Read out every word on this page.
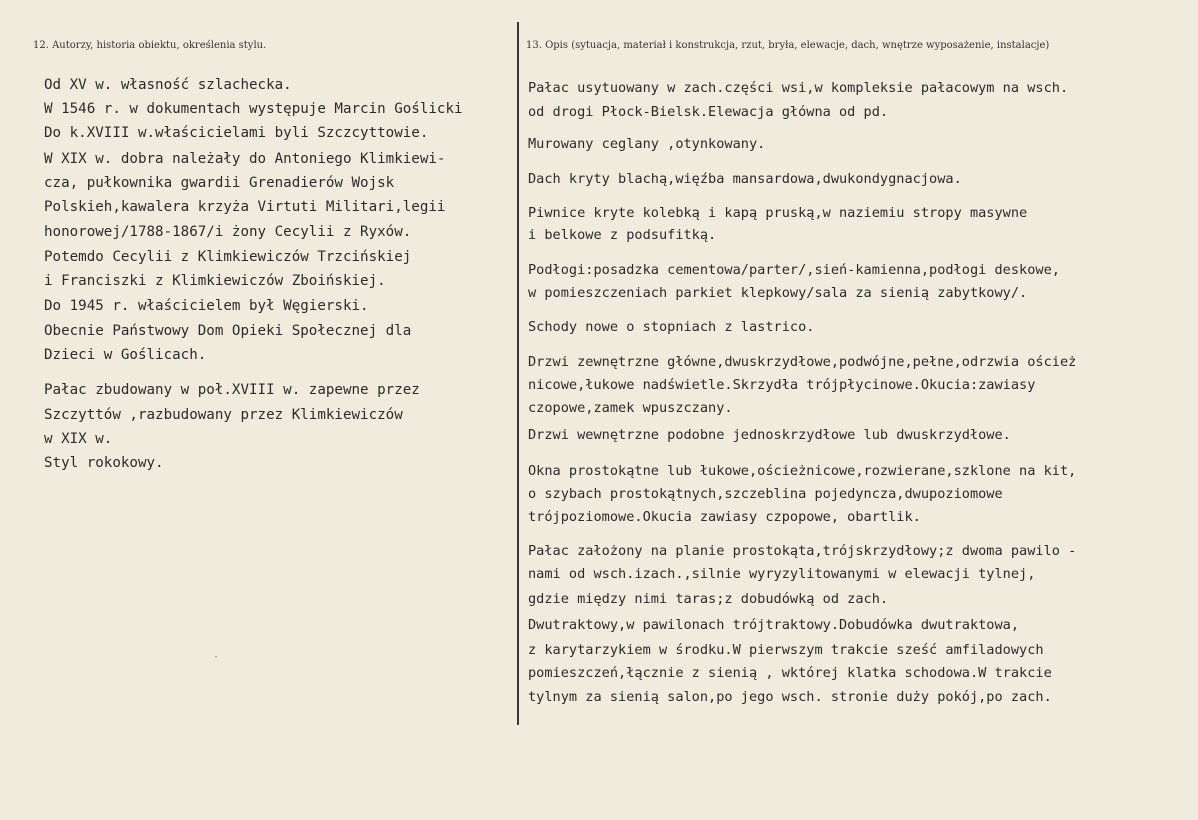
12. Autorzy, historia obiektu, określenia stylu.	13. Opis (sytuacja, materiał i konstrukcja, rzut, bryła, elewacje, dach, wnętrze wyposażenie, instalacje)
Od XV w. własność szlachecka.
W 1546 r. w dokumentach występuje Marcin Goślicki
Do k.XVIII w.właścicielami byli Szczcyttowie.
W XIX w. dobra należały do Antoniego Klimkiewi-
cza, pułkownika gwardii Grenadierów Wojsk
Polskieh,kawalera krzyża Virtuti Militari,legii
honorowej/1788-1867/i żony Cecylii z Ryxów.
Potemdo Cecylii z Klimkiewiczów Trzcińskiej
i Franciszki z Klimkiewiczów Zboińskiej.
Do 1945 r. właścicielem był Węgierski.
Obecnie Państwowy Dom Opieki Społecznej dla
Dzieci w Goślicach.
Pałac zbudowany w poł.XVIII w. zapewne przez
Szczyttów ,razbudowany przez Klimkiewiczów
w XIX w.
Styl rokokowy.
Pałac usytuowany w zach.części wsi,w kompleksie pałacowym na wsch.
od drogi Płock-Bielsk.Elewacja główna od pd.
Murowany ceglany ,otynkowany.
Dach kryty blachą,więźba mansardowa,dwukondygnacjowa.
Piwnice kryte kolebką i kapą pruską,w naziemiu stropy masywne
i belkowe z podsufitką.
Podłogi:posadzka cementowa/parter/,sień-kamienna,podłogi deskowe,
w pomieszczeniach parkiet klepkowy/sala za sienią zabytkowy/.
Schody nowe o stopniach z lastrico.
Drzwi zewnętrzne główne,dwuskrzydłowe,podwójne,pełne,odrzwia oścież
nicowe,łukowe nadświetle.Skrzydła trójpłycinowe.Okucia:zawiasy
czopowe,zamek wpuszczany.
Drzwi wewnętrzne podobne jednoskrzydłowe lub dwuskrzydłowe.
Okna prostokątne lub łukowe,ościeżnicowe,rozwierane,szklone na kit,
o szybach prostokątnych,szczeblina pojedyncza,dwupoziomowe
trójpoziomowe.Okucia zawiasy czpopowe, obartlik.
Pałac założony na planie prostokąta,trójskrzydłowy;z dwoma pawilo -
nami od wsch.izach.,silnie wyryzylitowanymi w elewacji tylnej,
gdzie między nimi taras;z dobudówką od zach.
Dwutraktowy,w pawilonach trójtraktowy.Dobudówka dwutraktowa,
z karytarzykiem w środku.W pierwszym trakcie sześć amfiladowych
pomieszczeń,łącznie z sienią , wktórej klatka schodowa.W trakcie
tylnym za sienią salon,po jego wsch. stronie duży pokój,po zach.
·
